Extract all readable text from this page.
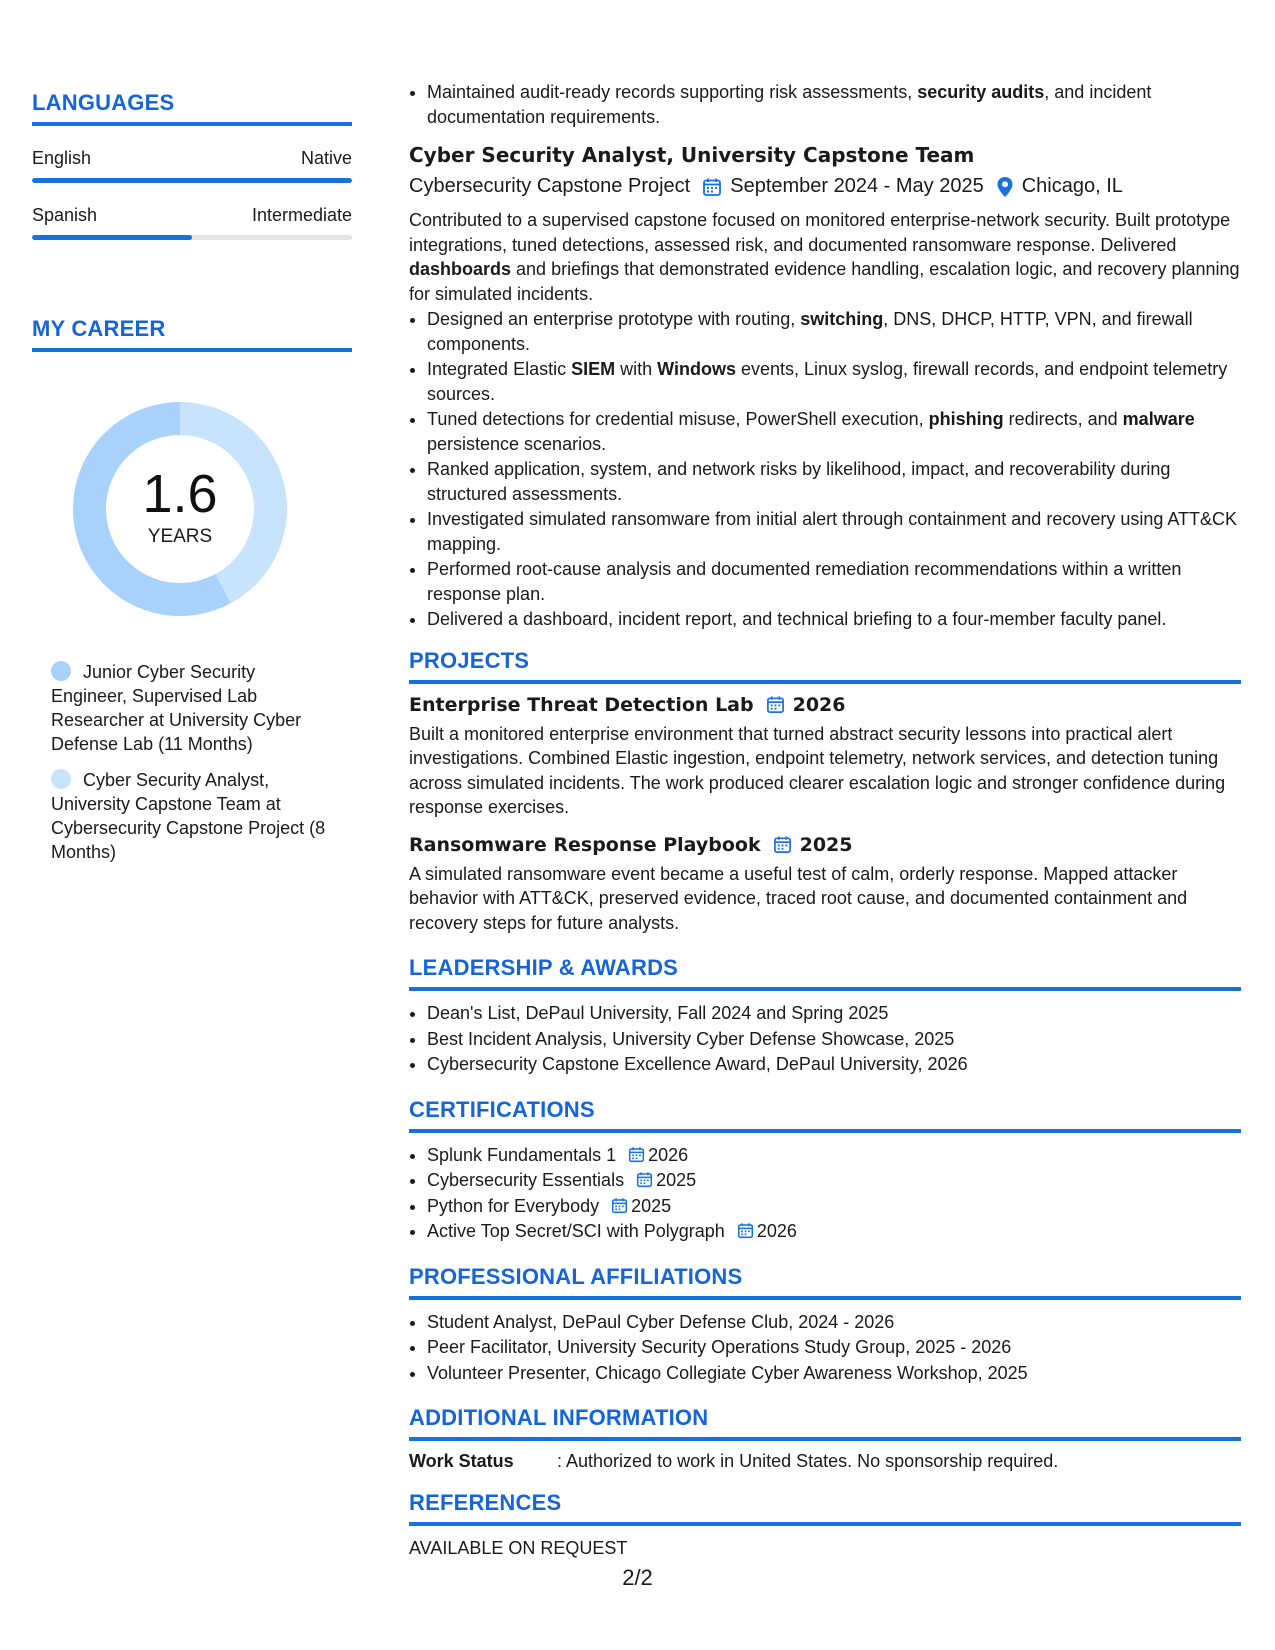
LANGUAGES
English	Native
Spanish	Intermediate
MY CAREER
1.6
YEARS
Junior Cyber Security Engineer, Supervised Lab Researcher at University Cyber Defense Lab (11 Months)
Cyber Security Analyst, University Capstone Team at Cybersecurity Capstone Project (8 Months)
• Maintained audit-ready records supporting risk assessments, security audits, and incident documentation requirements.
Cyber Security Analyst, University Capstone Team
Cybersecurity Capstone Project September 2024 - May 2025 Chicago, IL
Contributed to a supervised capstone focused on monitored enterprise-network security. Built prototype integrations, tuned detections, assessed risk, and documented ransomware response. Delivered dashboards and briefings that demonstrated evidence handling, escalation logic, and recovery planning for simulated incidents.
• Designed an enterprise prototype with routing, switching, DNS, DHCP, HTTP, VPN, and firewall components.
• Integrated Elastic SIEM with Windows events, Linux syslog, firewall records, and endpoint telemetry sources.
• Tuned detections for credential misuse, PowerShell execution, phishing redirects, and malware persistence scenarios.
• Ranked application, system, and network risks by likelihood, impact, and recoverability during structured assessments.
• Investigated simulated ransomware from initial alert through containment and recovery using ATT&CK mapping.
• Performed root-cause analysis and documented remediation recommendations within a written response plan.
• Delivered a dashboard, incident report, and technical briefing to a four-member faculty panel.
PROJECTS
Enterprise Threat Detection Lab 2026
Built a monitored enterprise environment that turned abstract security lessons into practical alert investigations. Combined Elastic ingestion, endpoint telemetry, network services, and detection tuning across simulated incidents. The work produced clearer escalation logic and stronger confidence during response exercises.
Ransomware Response Playbook 2025
A simulated ransomware event became a useful test of calm, orderly response. Mapped attacker behavior with ATT&CK, preserved evidence, traced root cause, and documented containment and recovery steps for future analysts.
LEADERSHIP & AWARDS
• Dean's List, DePaul University, Fall 2024 and Spring 2025
• Best Incident Analysis, University Cyber Defense Showcase, 2025
• Cybersecurity Capstone Excellence Award, DePaul University, 2026
CERTIFICATIONS
• Splunk Fundamentals 1 2026
• Cybersecurity Essentials 2025
• Python for Everybody 2025
• Active Top Secret/SCI with Polygraph 2026
PROFESSIONAL AFFILIATIONS
• Student Analyst, DePaul Cyber Defense Club, 2024 - 2026
• Peer Facilitator, University Security Operations Study Group, 2025 - 2026
• Volunteer Presenter, Chicago Collegiate Cyber Awareness Workshop, 2025
ADDITIONAL INFORMATION
Work Status	: Authorized to work in United States. No sponsorship required.
REFERENCES
AVAILABLE ON REQUEST
2/2
